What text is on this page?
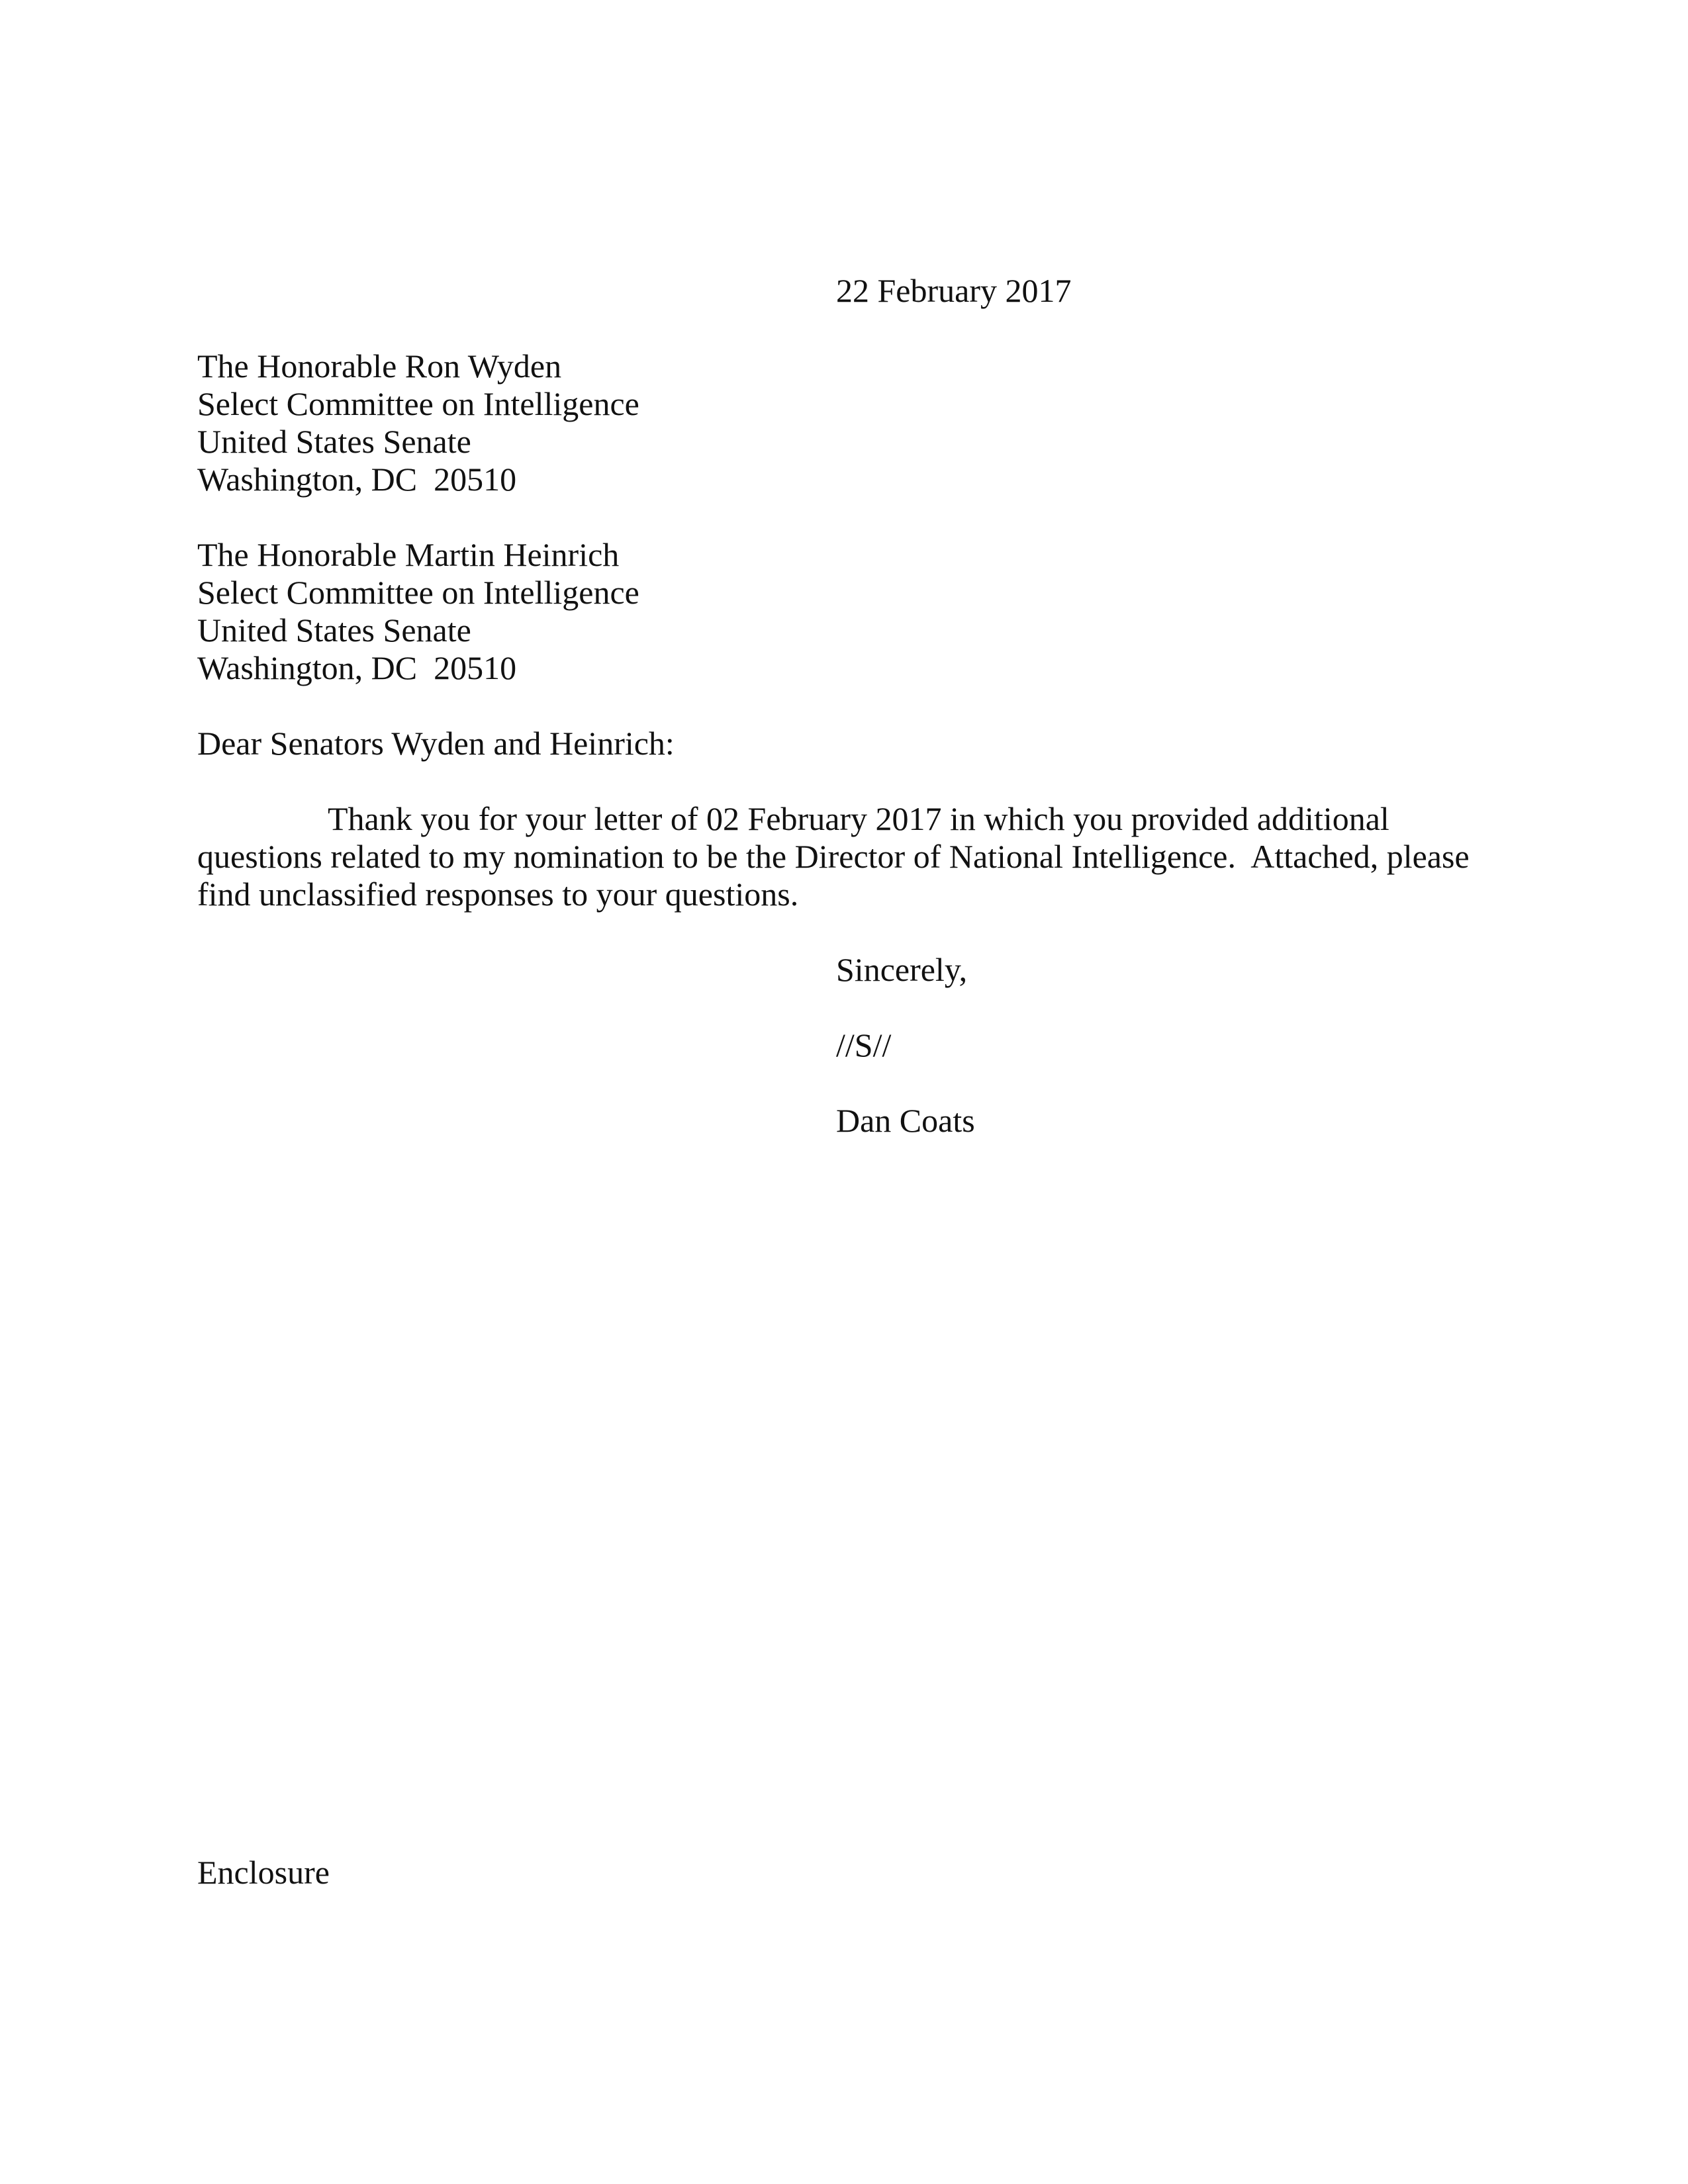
22 February 2017

The Honorable Ron Wyden

Select Committee on Intelligence

United States Senate

Washington, DC  20510

The Honorable Martin Heinrich

Select Committee on Intelligence

United States Senate

Washington, DC  20510

Dear Senators Wyden and Heinrich:

Thank you for your letter of 02 February 2017 in which you provided additional

questions related to my nomination to be the Director of National Intelligence.  Attached, please

find unclassified responses to your questions.

Sincerely,

//S//

Dan Coats

Enclosure
